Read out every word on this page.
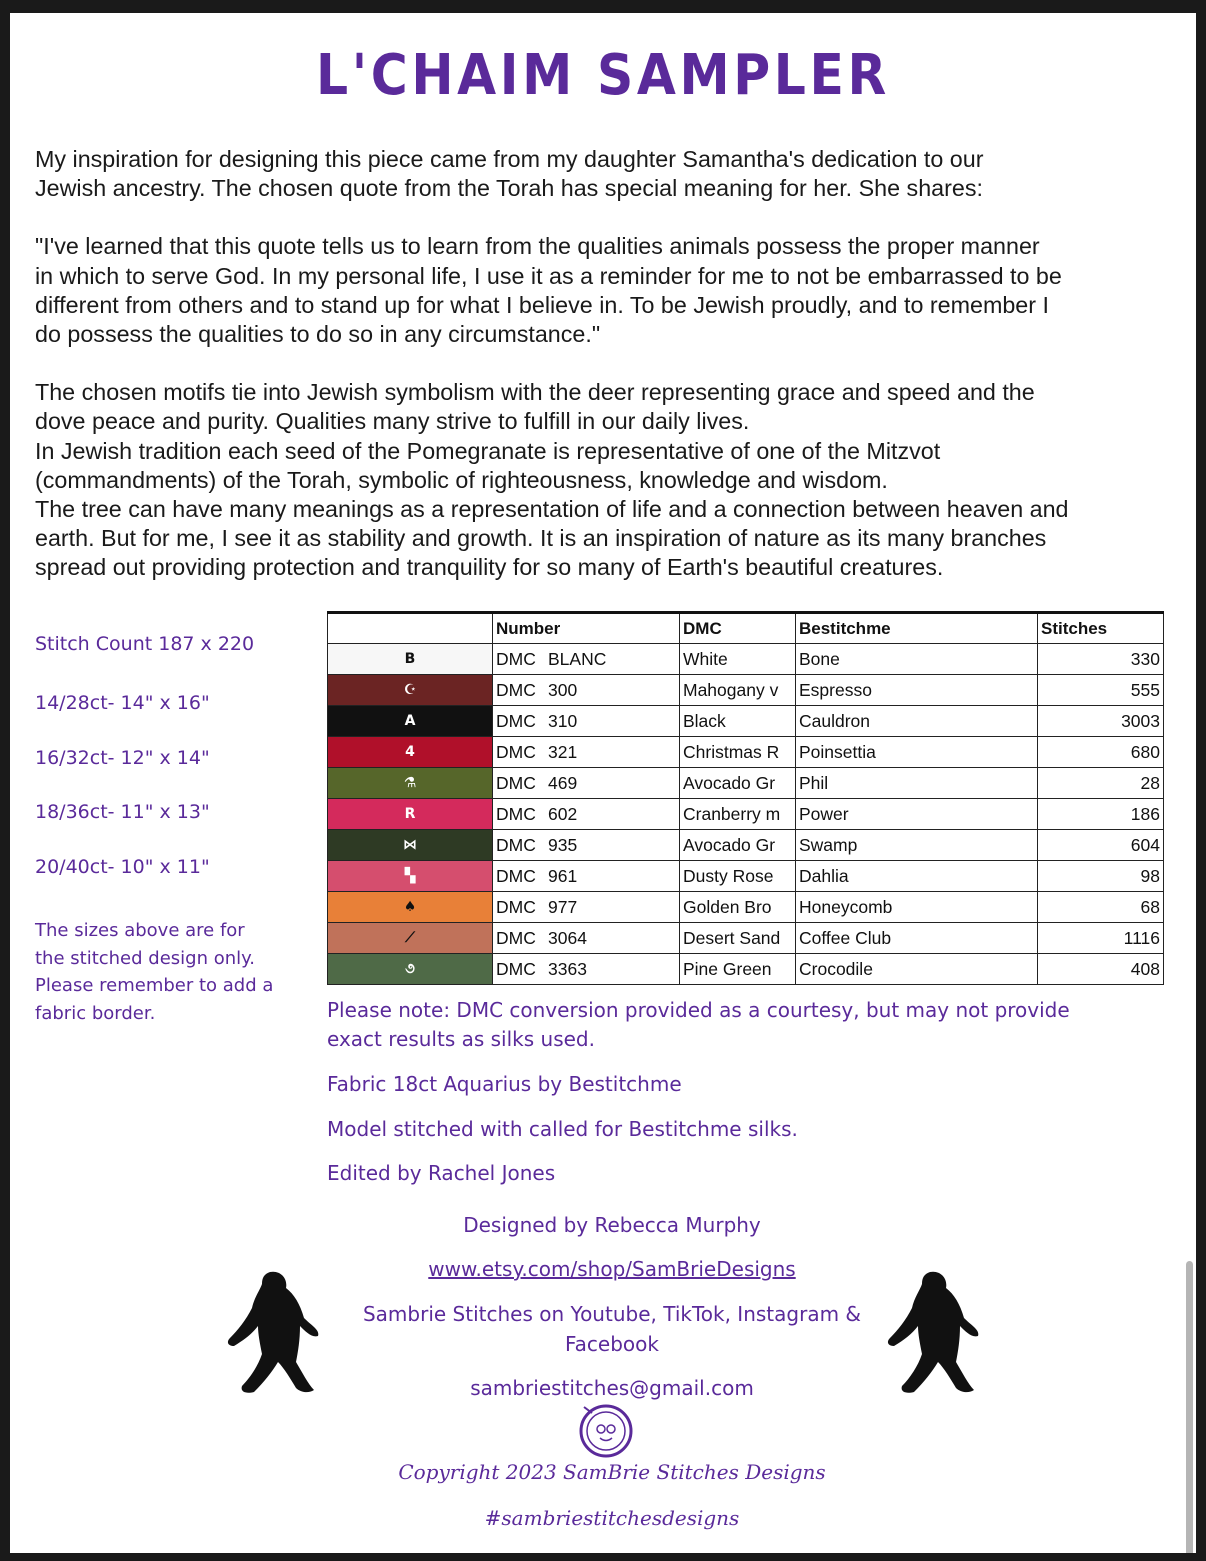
L'CHAIM SAMPLER

My inspiration for designing this piece came from my daughter Samantha's dedication to our

Jewish ancestry. The chosen quote from the Torah has special meaning for her. She shares:

"I've learned that this quote tells us to learn from the qualities animals possess the proper manner

in which to serve God. In my personal life, I use it as a reminder for me to not be embarrassed to be

different from others and to stand up for what I believe in. To be Jewish proudly, and to remember I

do possess the qualities to do so in any circumstance."

The chosen motifs tie into Jewish symbolism with the deer representing grace and speed and the

dove peace and purity. Qualities many strive to fulfill in our daily lives.

In Jewish tradition each seed of the Pomegranate is representative of one of the Mitzvot

(commandments) of the Torah, symbolic of righteousness, knowledge and wisdom.

The tree can have many meanings as a representation of life and a connection between heaven and

earth. But for me, I see it as stability and growth. It is an inspiration of nature as its many branches

spread out providing protection and tranquility for so many of Earth's beautiful creatures.

Stitch Count 187 x 220
14/28ct- 14" x 16"
16/32ct- 12" x 14"
18/36ct- 11" x 13"
20/40ct- 10" x 11"
The sizes above are for
the stitched design only.
Please remember to add a
fabric border.
	Number	DMC	Bestitchme	Stitches
B	DMC BLANC	White	Bone	330
☪	DMC 300	Mahogany v	Espresso	555
A	DMC 310	Black	Cauldron	3003
4	DMC 321	Christmas R	Poinsettia	680
⚗	DMC 469	Avocado Gr	Phil	28
R	DMC 602	Cranberry m	Power	186
⋈	DMC 935	Avocado Gr	Swamp	604
▚	DMC 961	Dusty Rose	Dahlia	98
♠	DMC 977	Golden Bro	Honeycomb	68
⟋	DMC 3064	Desert Sand	Coffee Club	1116
૭	DMC 3363	Pine Green	Crocodile	408
Please note: DMC conversion provided as a courtesy, but may not provide
exact results as silks used.
Fabric 18ct Aquarius by Bestitchme
Model stitched with called for Bestitchme silks.
Edited by Rachel Jones
Designed by Rebecca Murphy
www.etsy.com/shop/SamBrieDesigns
Sambrie Stitches on Youtube, TikTok, Instagram &
Facebook
sambriestitches@gmail.com
Copyright 2023 SamBrie Stitches Designs
#sambriestitchesdesigns
